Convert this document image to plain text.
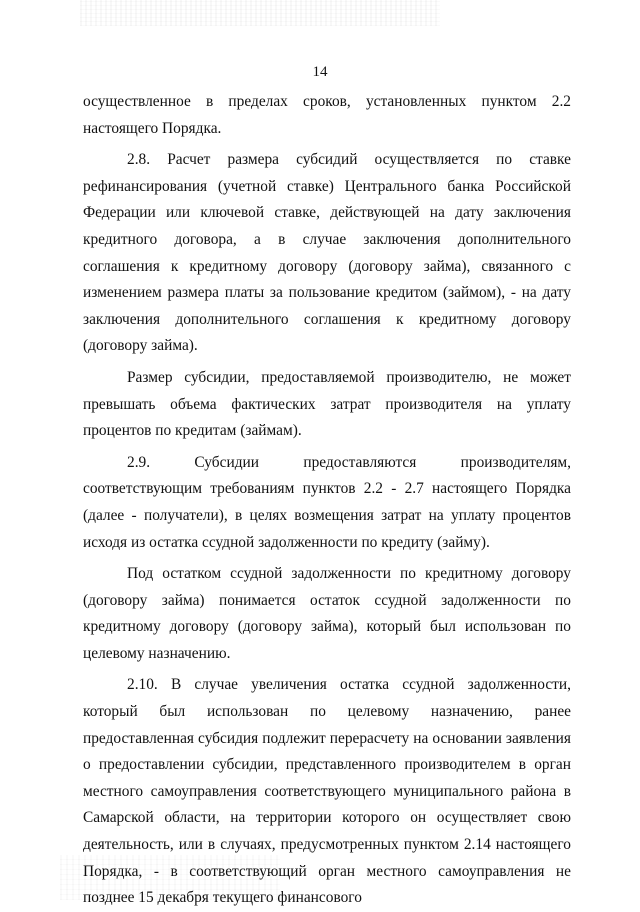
14

осуществленное в пределах сроков, установленных пунктом 2.2 настоящего Порядка.

2.8. Расчет размера субсидий осуществляется по ставке рефинансирования (учетной ставке) Центрального банка Российской Федерации или ключевой ставке, действующей на дату заключения кредитного договора, а в случае заключения дополнительного соглашения к кредитному договору (договору займа), связанного с изменением размера платы за пользование кредитом (займом), - на дату заключения дополнительного соглашения к кредитному договору (договору займа).

Размер субсидии, предоставляемой производителю, не может превышать объема фактических затрат производителя на уплату процентов по кредитам (займам).

2.9. Субсидии предоставляются производителям, соответствующим требованиям пунктов 2.2 - 2.7 настоящего Порядка (далее - получатели), в целях возмещения затрат на уплату процентов исходя из остатка ссудной задолженности по кредиту (займу).

Под остатком ссудной задолженности по кредитному договору (договору займа) понимается остаток ссудной задолженности по кредитному договору (договору займа), который был использован по целевому назначению.

2.10. В случае увеличения остатка ссудной задолженности, который был использован по целевому назначению, ранее предоставленная субсидия подлежит перерасчету на основании заявления о предоставлении субсидии, представленного производителем в орган местного самоуправления соответствующего муниципального района в Самарской области, на территории которого он осуществляет свою деятельность, или в случаях, предусмотренных пунктом 2.14 настоящего Порядка, - в соответствующий орган местного самоуправления не позднее 15 декабря текущего финансового
